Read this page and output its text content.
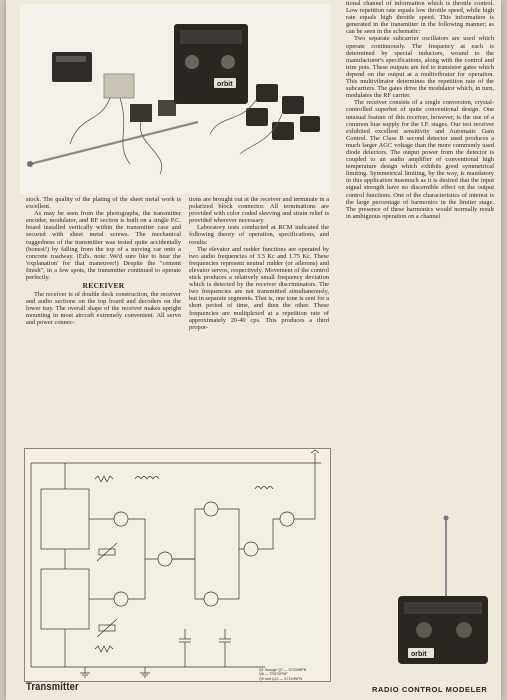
orbit

stock. The quality of the plating of the sheet metal work is excellent.

As may be seen from the photographs, the transmitter encoder, modulator, and RF section is built on a single P.C. board installed vertically within the transmitter case and secured with sheet metal screws. The mechanical ruggedness of the transmitter was tested quite accidentally (honest!) by falling from the top of a moving car onto a concrete roadway. (Ed's. note: We'd sure like to hear the 'explanation' for that maneuver!) Despite the "cement finish", in a few spots, the transmitter continued to operate perfectly.

RECEIVER

The receiver is of double deck construction, the receiver and audio sections on the top board and decoders on the lower tray. The overall shape of the receiver makes upright mounting in most aircraft extremely convenient. All servo and power connec-

tions are brought out at the receiver and terminate in a polarized block connector. All terminations are provided with color coded sleeving and strain relief is provided wherever necessary.

Laboratory tests conducted at RCM indicated the following theory of operation, specifications, and results:

The elevator and rudder functions are operated by two audio frequencies of 3.5 Kc and 1.75 Kc. These frequencies represent neutral rudder (or ailerons) and elevator servos, respectively. Movement of the control stick produces a relatively small frequency deviation which is detected by the receiver discriminators. The two frequencies are not transmitted simultaneously, but in separate segments. That is, one tone is sent for a short period of time, and then the other. These frequencies are multiplexed at a repetition rate of approximately 20-40 cps. This produces a third propor-

tional channel of information which is throttle control. Low repetition rate equals low throttle speed, while high rate equals high throttle speed. This information is generated in the transmitter in the following manner; as can be seen in the schematic:

Two separate subcarrier oscillators are used which operate continuously. The frequency at each is determined by special inductors, wound to the manufacturer's specifications, along with the control and trim pots. These outputs are fed to transistor gates which depend on the output at a multivibrator for operation. This multivibrator determines the repetition rate of the subcarriers. The gates drive the modulator which, in turn, modulates the RF carrier.

The receiver consists of a single conversion, crystal-controlled superhet of quite conventional design. One unusual feature of this receiver, however, is the use of a common bias supply for the I.F. stages. Our test receiver exhibited excellent sensitivity and Automatic Gain Control. The Class B second detector used produces a much larger AGC voltage than the more commonly used diode detectors. The output power from the detector is coupled to an audio amplifier of conventional high temperature design which exhibits good symmetrical limiting. Symmetrical limiting, by the way, is mandatory in this application inasmuch as it is desired that the input signal strength have no discernible effect on the output control functions. One of the characteristics of interest is the large percentage of harmonics in the limiter stage. The presence of these harmonics would normally result in ambiguous operation on a channel

Q1 through Q7 — S7209NPN
Q8 — TR570PNP
Q9 and Q10 — S7210NPN
orbit
Transmitter	RADIO CONTROL MODELER
